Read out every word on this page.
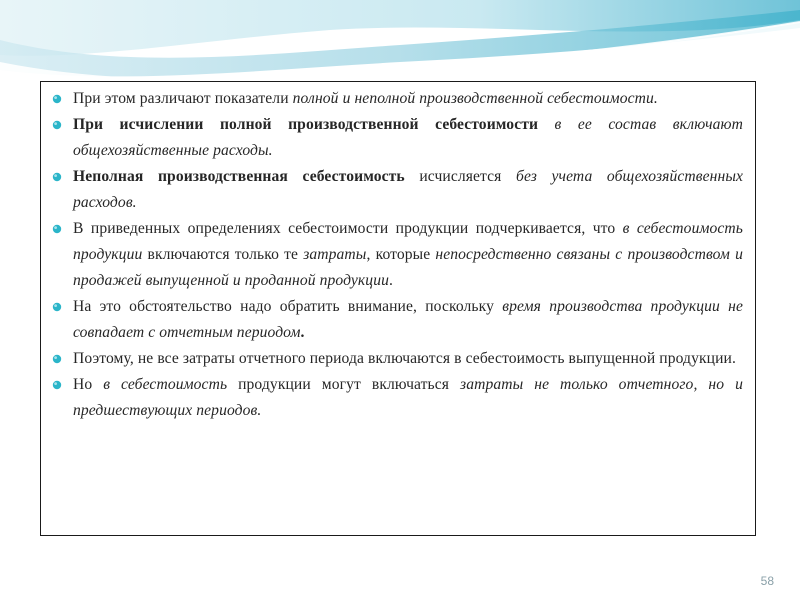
При этом различают показатели полной и неполной производственной себестоимости.
При исчислении полной производственной себестоимости в ее состав включают общехозяйственные расходы.
Неполная производственная себестоимость исчисляется без учета общехозяйственных расходов.
В приведенных определениях себестоимости продукции подчеркивается, что в себестоимость продукции включаются только те затраты, которые непосредственно связаны с производством и продажей выпущенной и проданной продукции.
На это обстоятельство надо обратить внимание, поскольку время производства продукции не совпадает с отчетным периодом.
Поэтому, не все затраты отчетного периода включаются в себестоимость выпущенной продукции.
Но в себестоимость продукции могут включаться затраты не только отчетного, но и предшествующих периодов.
58
